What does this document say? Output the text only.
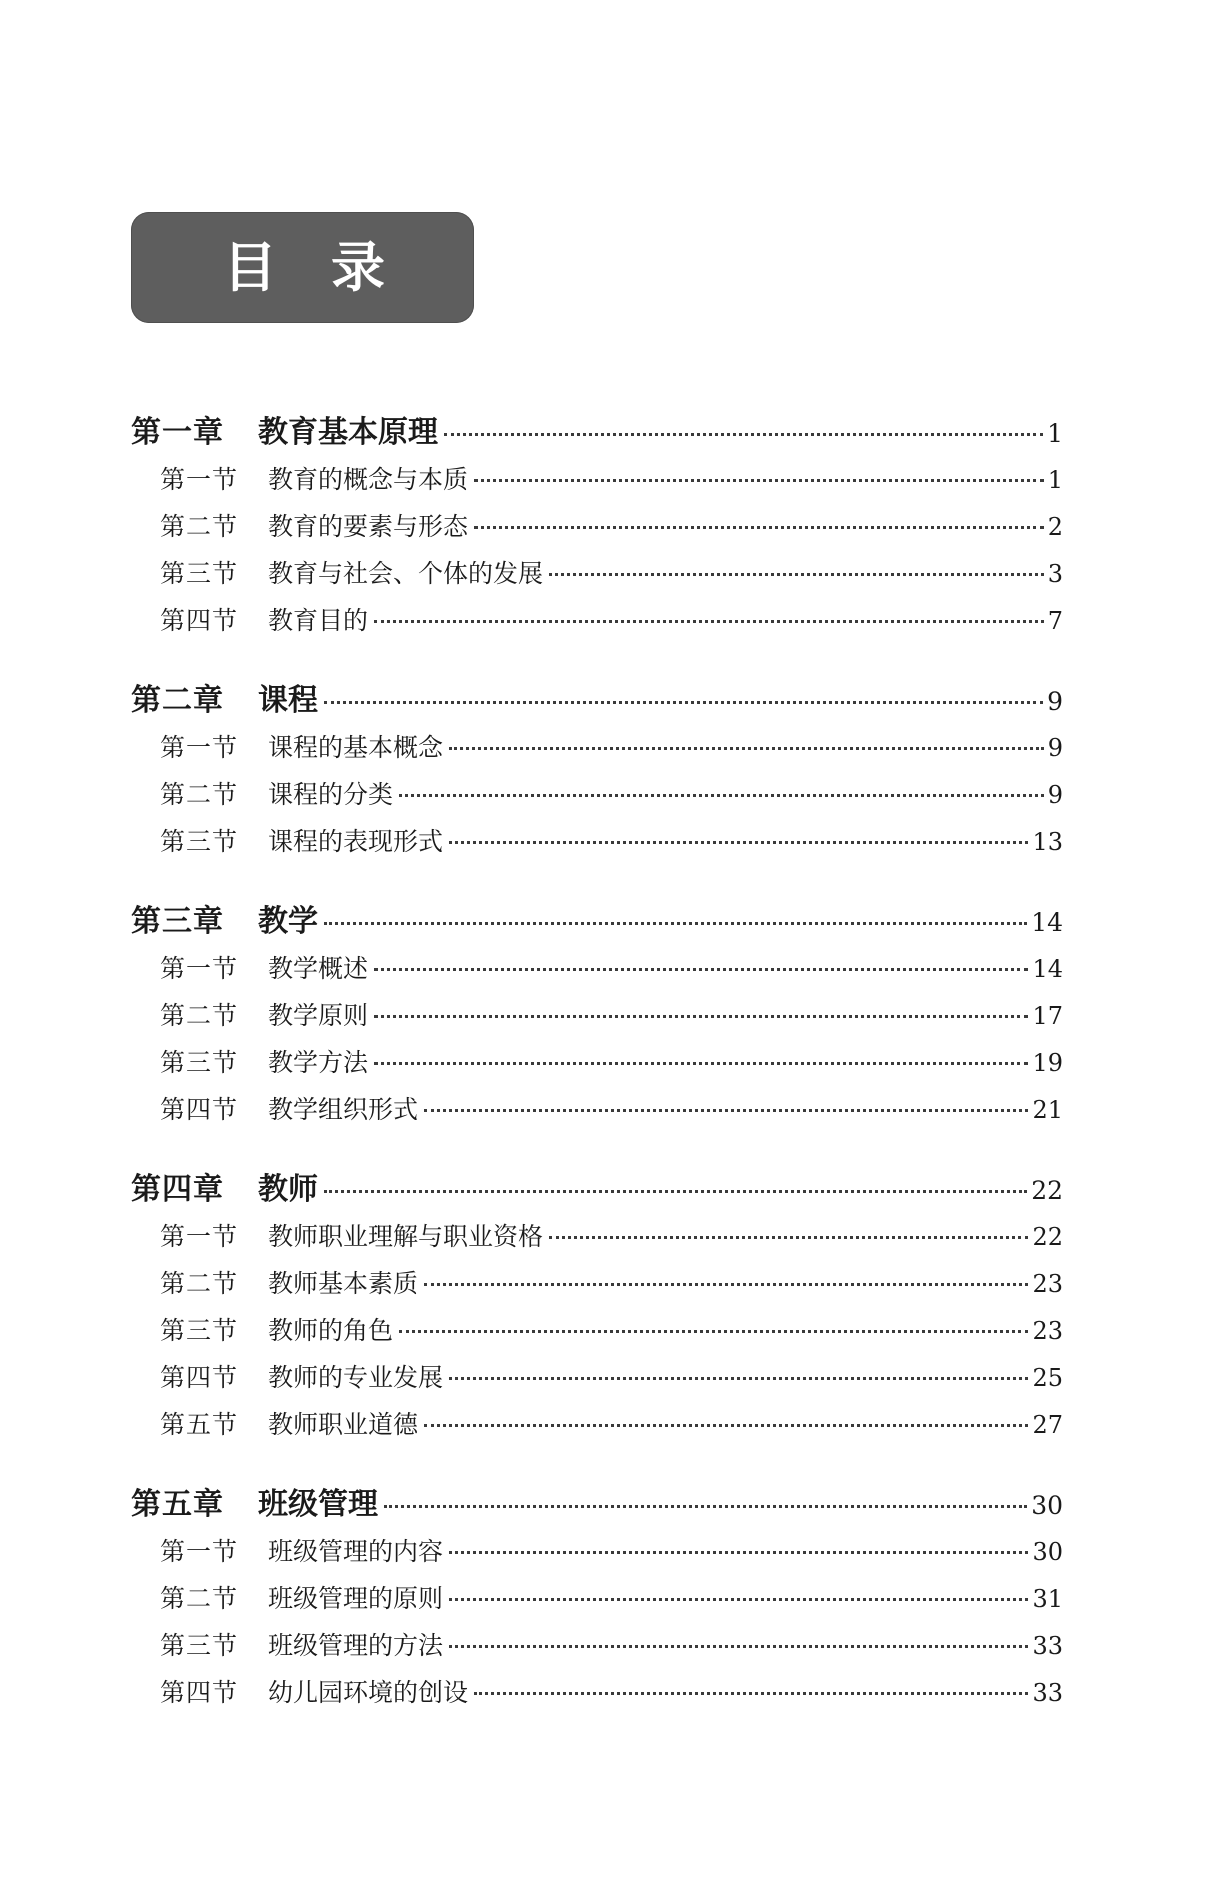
目 录
第一章	教育基本原理	1
第一节	教育的概念与本质	1
第二节	教育的要素与形态	2
第三节	教育与社会、个体的发展	3
第四节	教育目的	7
第二章	课程	9
第一节	课程的基本概念	9
第二节	课程的分类	9
第三节	课程的表现形式	13
第三章	教学	14
第一节	教学概述	14
第二节	教学原则	17
第三节	教学方法	19
第四节	教学组织形式	21
第四章	教师	22
第一节	教师职业理解与职业资格	22
第二节	教师基本素质	23
第三节	教师的角色	23
第四节	教师的专业发展	25
第五节	教师职业道德	27
第五章	班级管理	30
第一节	班级管理的内容	30
第二节	班级管理的原则	31
第三节	班级管理的方法	33
第四节	幼儿园环境的创设	33
